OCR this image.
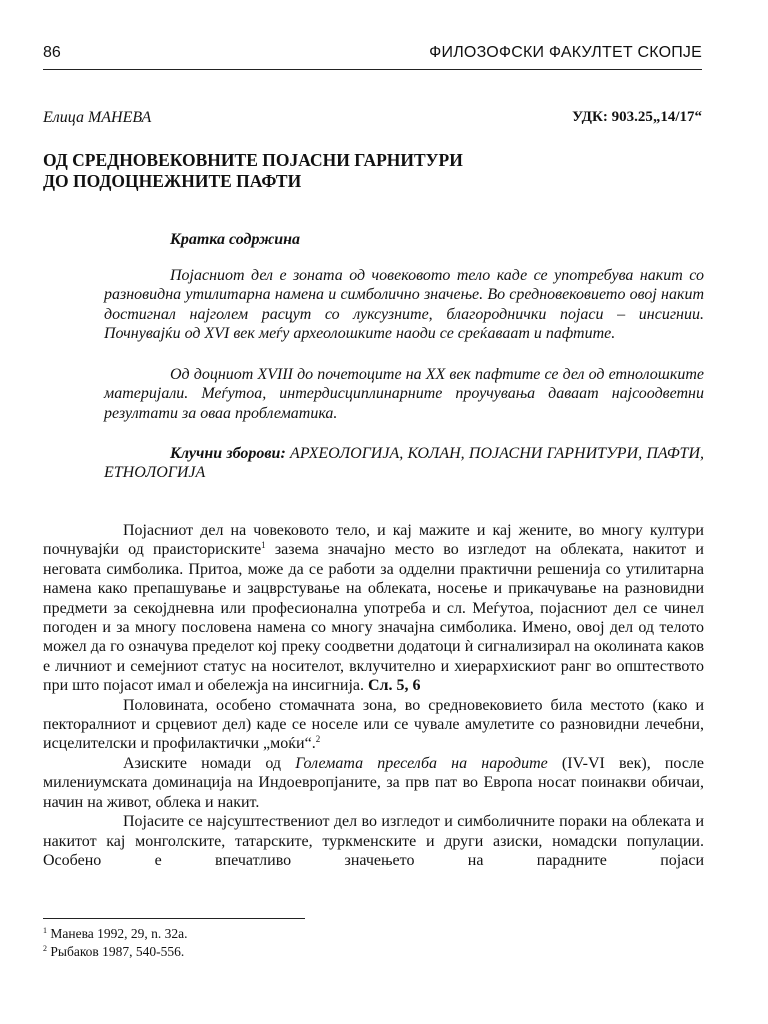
86	ФИЛОЗОФСКИ ФАКУЛТЕТ СКОПЈЕ
Елица МАНЕВА	УДК: 903.25„14/17“
ОД СРЕДНОВЕКОВНИТЕ ПОЈАСНИ ГАРНИТУРИ
ДО ПОДОЦНЕЖНИТЕ ПАФТИ
Кратка содржина

Појасниот дел е зоната од човековото тело каде се употребува накит со разновидна утилитарна намена и симболично значење. Во средновековието овој накит достигнал најголем расцут со луксузните, благороднички појаси – инсигнии. Почнувајќи од XVI век меѓу археолошките наоди се среќаваат и пафтите.

Од доцниот XVIII до почетоците на XX век пафтите се дел од етнолошките материјали. Меѓутоа, интердисциплинарните проучувања даваат најсоодветни резултати за оваа проблематика.

Клучни зборови: АРХЕОЛОГИЈА, КОЛАН, ПОЈАСНИ ГАРНИТУРИ, ПАФТИ, ЕТНОЛОГИЈА

Појасниот дел на човековото тело, и кај мажите и кај жените, во многу култури почнувајќи од праисториските$^1$ зазема значајно место во изгледот на облеката, накитот и неговата симболика. Притоа, може да се работи за одделни практични решенија со утилитарна намена како препашување и зацврстување на облеката, носење и прикачување на разновидни предмети за секојдневна или професионална употреба и сл. Меѓутоа, појасниот дел се чинел погоден и за многу пословена намена со многу значајна симболика. Имено, овој дел од телото можел да го означува пределот кој преку соодветни додатоци ѝ сигнализирал на околината каков е личниот и семејниот статус на носителот, вклучително и хиерархискиот ранг во општеството при што појасот имал и обележја на инсигнија. Сл. 5, 6

Половината, особено стомачната зона, во средновековието била местото (како и пекторалниот и срцевиот дел) каде се носеле или се чувале амулетите со разновидни лечебни, исцелителски и профилактички „моќи“.$^2$

Азиските номади од Големата преселба на народите (IV-VI век), после милениумската доминација на Индоевропјаните, за прв пат во Европа носат поинакви обичаи, начин на живот, облека и накит.

Појасите се најсуштествениот дел во изгледот и симболичните пораки на облеката и накитот кај монголските, татарските, туркменските и други азиски, номадски популации. Особено е впечатливо значењето на парадните појаси

$^1$ Манева 1992, 29, n. 32a.
$^2$ Рыбаков 1987, 540-556.
